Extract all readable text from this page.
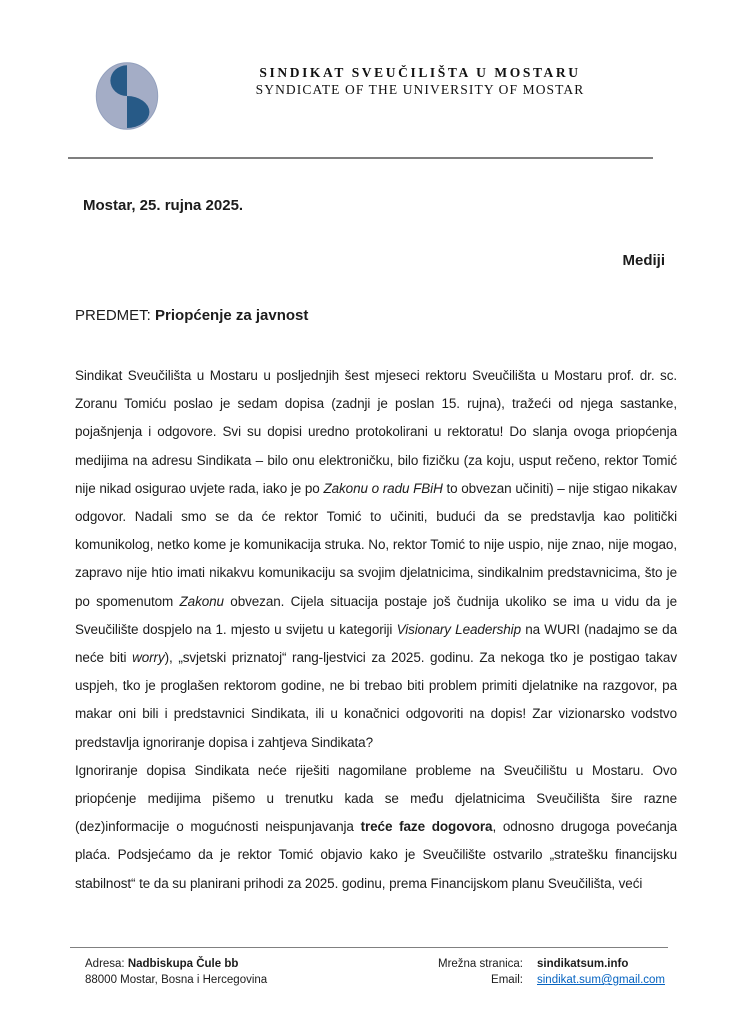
SINDIKAT SVEUČILIŠTA U MOSTARU
SYNDICATE OF THE UNIVERSITY OF MOSTAR
Mostar, 25. rujna 2025.
Mediji
PREDMET: Priopćenje za javnost

Sindikat Sveučilišta u Mostaru u posljednjih šest mjeseci rektoru Sveučilišta u Mostaru prof. dr. sc. Zoranu Tomiću poslao je sedam dopisa (zadnji je poslan 15. rujna), tražeći od njega sastanke, pojašnjenja i odgovore. Svi su dopisi uredno protokolirani u rektoratu! Do slanja ovoga priopćenja medijima na adresu Sindikata – bilo onu elektroničku, bilo fizičku (za koju, usput rečeno, rektor Tomić nije nikad osigurao uvjete rada, iako je po Zakonu o radu FBiH to obvezan učiniti) – nije stigao nikakav odgovor. Nadali smo se da će rektor Tomić to učiniti, budući da se predstavlja kao politički komunikolog, netko kome je komunikacija struka. No, rektor Tomić to nije uspio, nije znao, nije mogao, zapravo nije htio imati nikakvu komunikaciju sa svojim djelatnicima, sindikalnim predstavnicima, što je po spomenutom Zakonu obvezan. Cijela situacija postaje još čudnija ukoliko se ima u vidu da je Sveučilište dospjelo na 1. mjesto u svijetu u kategoriji Visionary Leadership na WURI (nadajmo se da neće biti worry), „svjetski priznatoj“ rang-ljestvici za 2025. godinu. Za nekoga tko je postigao takav uspjeh, tko je proglašen rektorom godine, ne bi trebao biti problem primiti djelatnike na razgovor, pa makar oni bili i predstavnici Sindikata, ili u konačnici odgovoriti na dopis! Zar vizionarsko vodstvo predstavlja ignoriranje dopisa i zahtjeva Sindikata?

Ignoriranje dopisa Sindikata neće riješiti nagomilane probleme na Sveučilištu u Mostaru. Ovo priopćenje medijima pišemo u trenutku kada se među djelatnicima Sveučilišta šire razne (dez)informacije o mogućnosti neispunjavanja treće faze dogovora, odnosno drugoga povećanja plaća. Podsjećamo da je rektor Tomić objavio kako je Sveučilište ostvarilo „stratešku financijsku stabilnost“ te da su planirani prihodi za 2025. godinu, prema Financijskom planu Sveučilišta, veći

Adresa: Nadbiskupa Čule bb
88000 Mostar, Bosna i Hercegovina
Mrežna stranica: sindikatsum.info
Email: sindikat.sum@gmail.com
